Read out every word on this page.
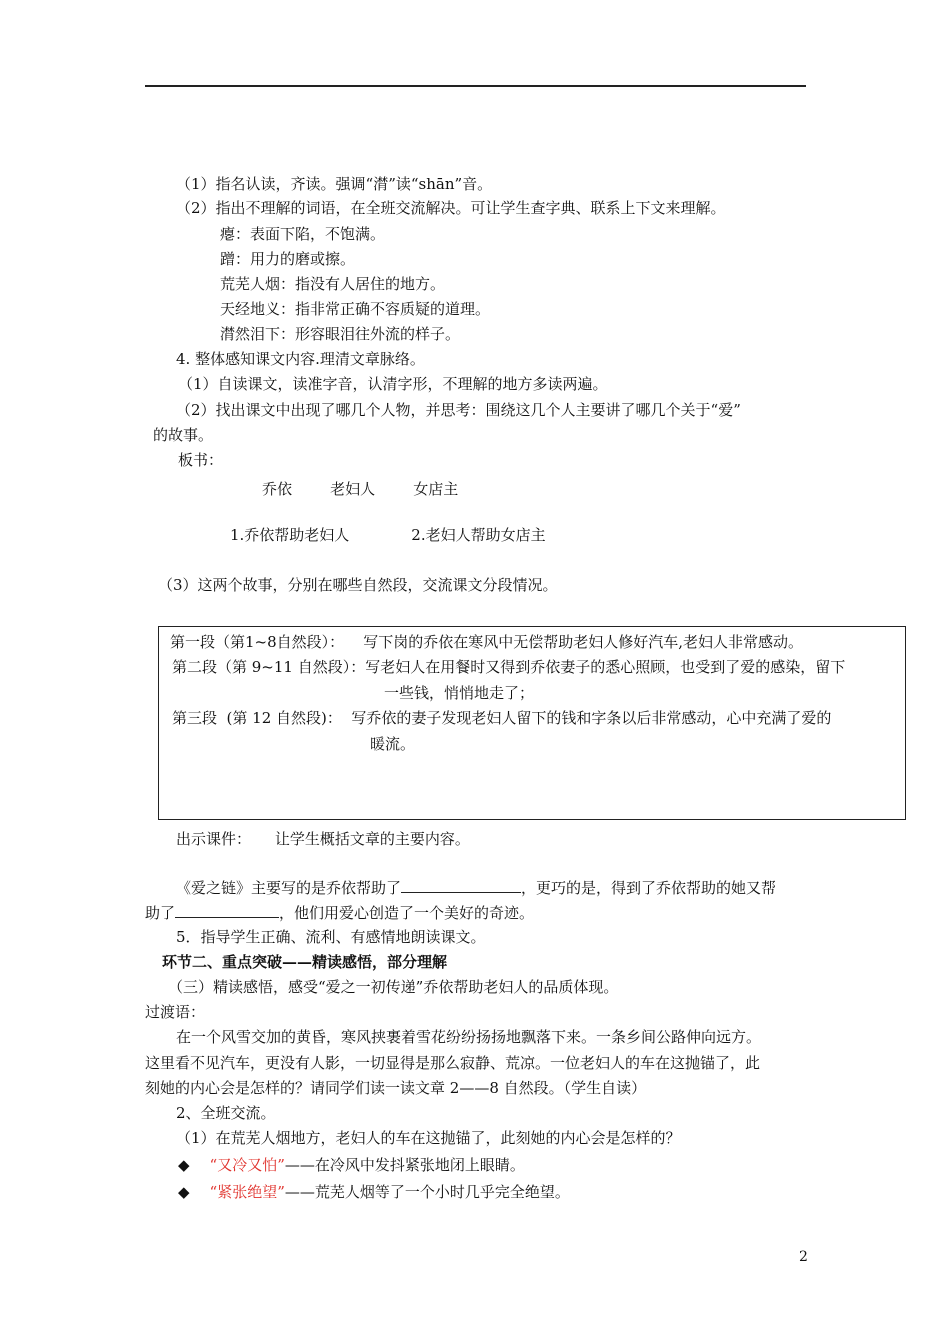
（1）指名认读，齐读。强调“潸”读“shān”音。
（2）指出不理解的词语，在全班交流解决。可让学生查字典、联系上下文来理解。
瘪：表面下陷，不饱满。
蹭：用力的磨或擦。
荒芜人烟：指没有人居住的地方。
天经地义：指非常正确不容质疑的道理。
潸然泪下：形容眼泪往外流的样子。
4. 整体感知课文内容.理清文章脉络。
（1）自读课文，读准字音，认清字形，不理解的地方多读两遍。
（2）找出课文中出现了哪几个人物，并思考：围绕这几个人主要讲了哪几个关于“爱”
的故事。
板书：
乔依        老妇人        女店主
1.乔依帮助老妇人             2.老妇人帮助女店主
（3）这两个故事，分别在哪些自然段，交流课文分段情况。
第一段（第1~8自然段）：    写下岗的乔依在寒风中无偿帮助老妇人修好汽车,老妇人非常感动。
第二段（第 9~11 自然段）：写老妇人在用餐时又得到乔依妻子的悉心照顾，也受到了爱的感染，留下
一些钱，悄悄地走了；
第三段  (第 12 自然段)：  写乔依的妻子发现老妇人留下的钱和字条以后非常感动，心中充满了爱的
暖流。
出示课件：     让学生概括文章的主要内容。
《爱之链》主要写的是乔依帮助了	，更巧的是，得到了乔依帮助的她又帮
助了	，他们用爱心创造了一个美好的奇迹。
5．指导学生正确、流利、有感情地朗读课文。
环节二、重点突破——精读感悟，部分理解
（三）精读感悟，感受“爱之一初传递”乔依帮助老妇人的品质体现。
过渡语：
在一个风雪交加的黄昏，寒风挟裹着雪花纷纷扬扬地飘落下来。一条乡间公路伸向远方。
这里看不见汽车，更没有人影，一切显得是那么寂静、荒凉。一位老妇人的车在这抛锚了，此
刻她的内心会是怎样的？请同学们读一读文章 2——8 自然段。（学生自读）
2、全班交流。
（1）在荒芜人烟地方，老妇人的车在这抛锚了，此刻她的内心会是怎样的？
◆ “又冷又怕”——在冷风中发抖紧张地闭上眼睛。
◆ “紧张绝望”——荒芜人烟等了一个小时几乎完全绝望。
2
